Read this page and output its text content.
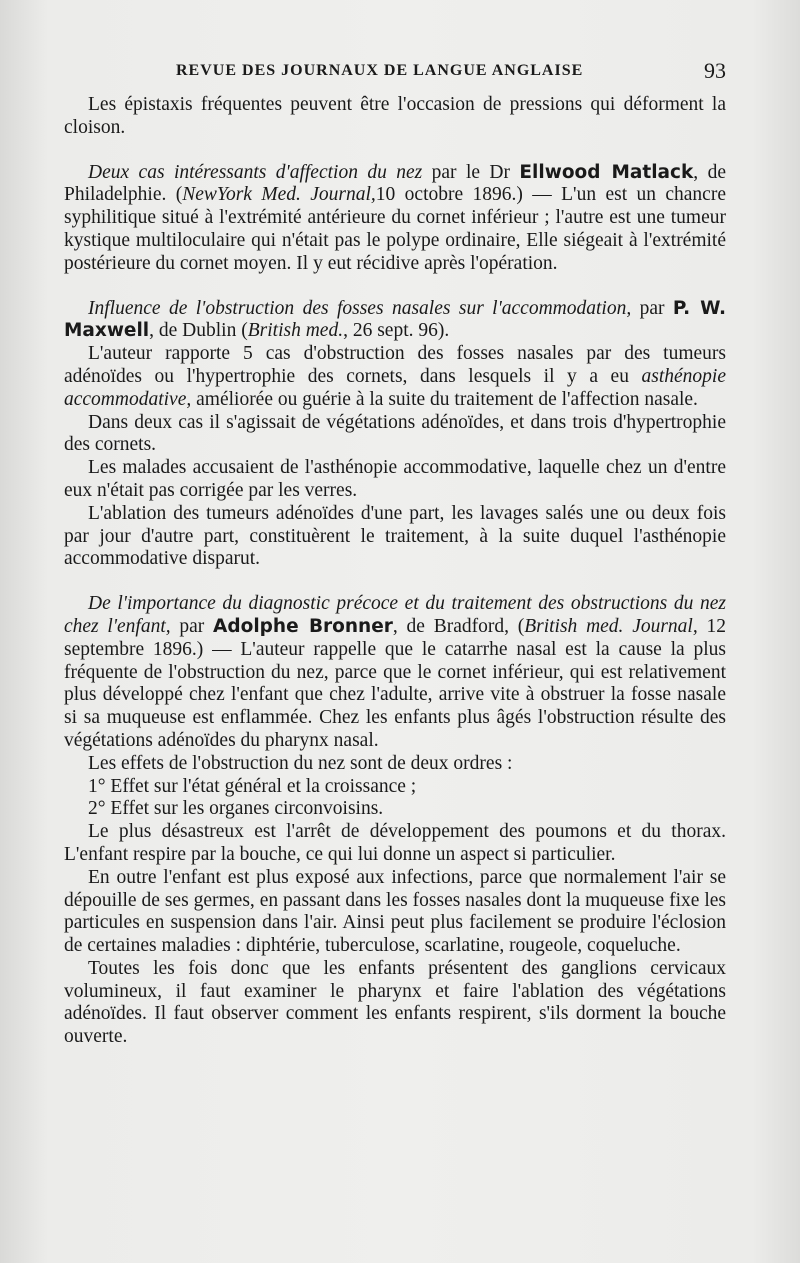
REVUE DES JOURNAUX DE LANGUE ANGLAISE	93

Les épistaxis fréquentes peuvent être l'occasion de pressions qui déforment la cloison.

Deux cas intéressants d'affection du nez par le Dr Ellwood Matlack, de Philadelphie. (NewYork Med. Journal,10 octobre 1896.) — L'un est un chancre syphilitique situé à l'extrémité antérieure du cornet inférieur ; l'autre est une tumeur kystique multiloculaire qui n'était pas le polype ordinaire, Elle siégeait à l'extrémité postérieure du cornet moyen. Il y eut récidive après l'opération.

Influence de l'obstruction des fosses nasales sur l'accommodation, par P. W. Maxwell, de Dublin (British med., 26 sept. 96).

L'auteur rapporte 5 cas d'obstruction des fosses nasales par des tumeurs adénoïdes ou l'hypertrophie des cornets, dans lesquels il y a eu asthénopie accommodative, améliorée ou guérie à la suite du traitement de l'affection nasale.

Dans deux cas il s'agissait de végétations adénoïdes, et dans trois d'hypertrophie des cornets.

Les malades accusaient de l'asthénopie accommodative, laquelle chez un d'entre eux n'était pas corrigée par les verres.

L'ablation des tumeurs adénoïdes d'une part, les lavages salés une ou deux fois par jour d'autre part, constituèrent le traitement, à la suite duquel l'asthénopie accommodative disparut.

De l'importance du diagnostic précoce et du traitement des obstructions du nez chez l'enfant, par Adolphe Bronner, de Bradford, (British med. Journal, 12 septembre 1896.) — L'auteur rappelle que le catarrhe nasal est la cause la plus fréquente de l'obstruction du nez, parce que le cornet inférieur, qui est relativement plus développé chez l'enfant que chez l'adulte, arrive vite à obstruer la fosse nasale si sa muqueuse est enflammée. Chez les enfants plus âgés l'obstruction résulte des végétations adénoïdes du pharynx nasal.

Les effets de l'obstruction du nez sont de deux ordres :

1° Effet sur l'état général et la croissance ;

2° Effet sur les organes circonvoisins.

Le plus désastreux est l'arrêt de développement des poumons et du thorax. L'enfant respire par la bouche, ce qui lui donne un aspect si particulier.

En outre l'enfant est plus exposé aux infections, parce que normalement l'air se dépouille de ses germes, en passant dans les fosses nasales dont la muqueuse fixe les particules en suspension dans l'air. Ainsi peut plus facilement se produire l'éclosion de certaines maladies : diphtérie, tuberculose, scarlatine, rougeole, coqueluche.

Toutes les fois donc que les enfants présentent des ganglions cervicaux volumineux, il faut examiner le pharynx et faire l'ablation des végétations adénoïdes. Il faut observer comment les enfants respirent, s'ils dorment la bouche ouverte.
